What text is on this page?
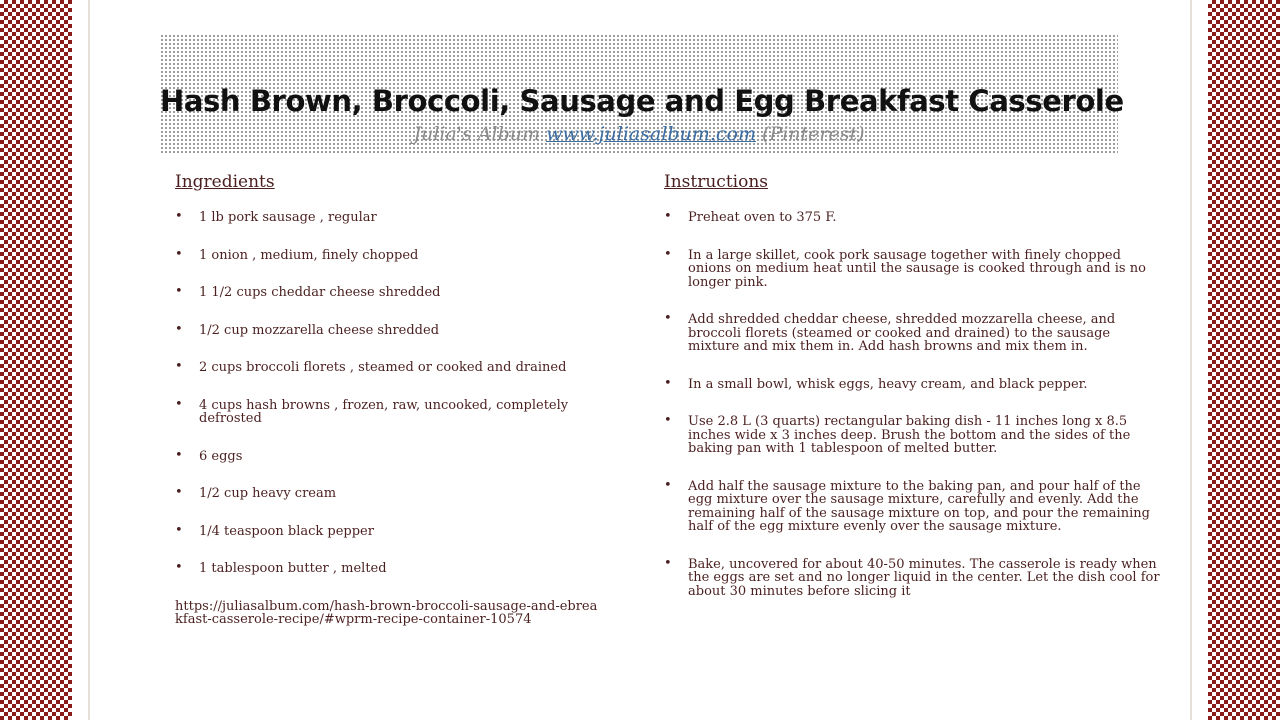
Hash Brown, Broccoli, Sausage and Egg Breakfast Casserole
Julia's Album www.juliasalbum.com (Pinterest)
Ingredients
• 1 lb pork sausage , regular
• 1 onion , medium, finely chopped
• 1 1/2 cups cheddar cheese shredded
• 1/2 cup mozzarella cheese shredded
• 2 cups broccoli florets , steamed or cooked and drained
• 4 cups hash browns , frozen, raw, uncooked, completely defrosted
• 6 eggs
• 1/2 cup heavy cream
• 1/4 teaspoon black pepper
• 1 tablespoon butter , melted
https://juliasalbum.com/hash-brown-broccoli-sausage-and-ebreakfast-casserole-recipe/#wprm-recipe-container-10574
Instructions
• Preheat oven to 375 F.
• In a large skillet, cook pork sausage together with finely chopped onions on medium heat until the sausage is cooked through and is no longer pink.
• Add shredded cheddar cheese, shredded mozzarella cheese, and broccoli florets (steamed or cooked and drained) to the sausage mixture and mix them in. Add hash browns and mix them in.
• In a small bowl, whisk eggs, heavy cream, and black pepper.
• Use 2.8 L (3 quarts) rectangular baking dish - 11 inches long x 8.5 inches wide x 3 inches deep. Brush the bottom and the sides of the baking pan with 1 tablespoon of melted butter.
• Add half the sausage mixture to the baking pan, and pour half of the egg mixture over the sausage mixture, carefully and evenly. Add the remaining half of the sausage mixture on top, and pour the remaining half of the egg mixture evenly over the sausage mixture.
• Bake, uncovered for about 40-50 minutes. The casserole is ready when the eggs are set and no longer liquid in the center. Let the dish cool for about 30 minutes before slicing it
